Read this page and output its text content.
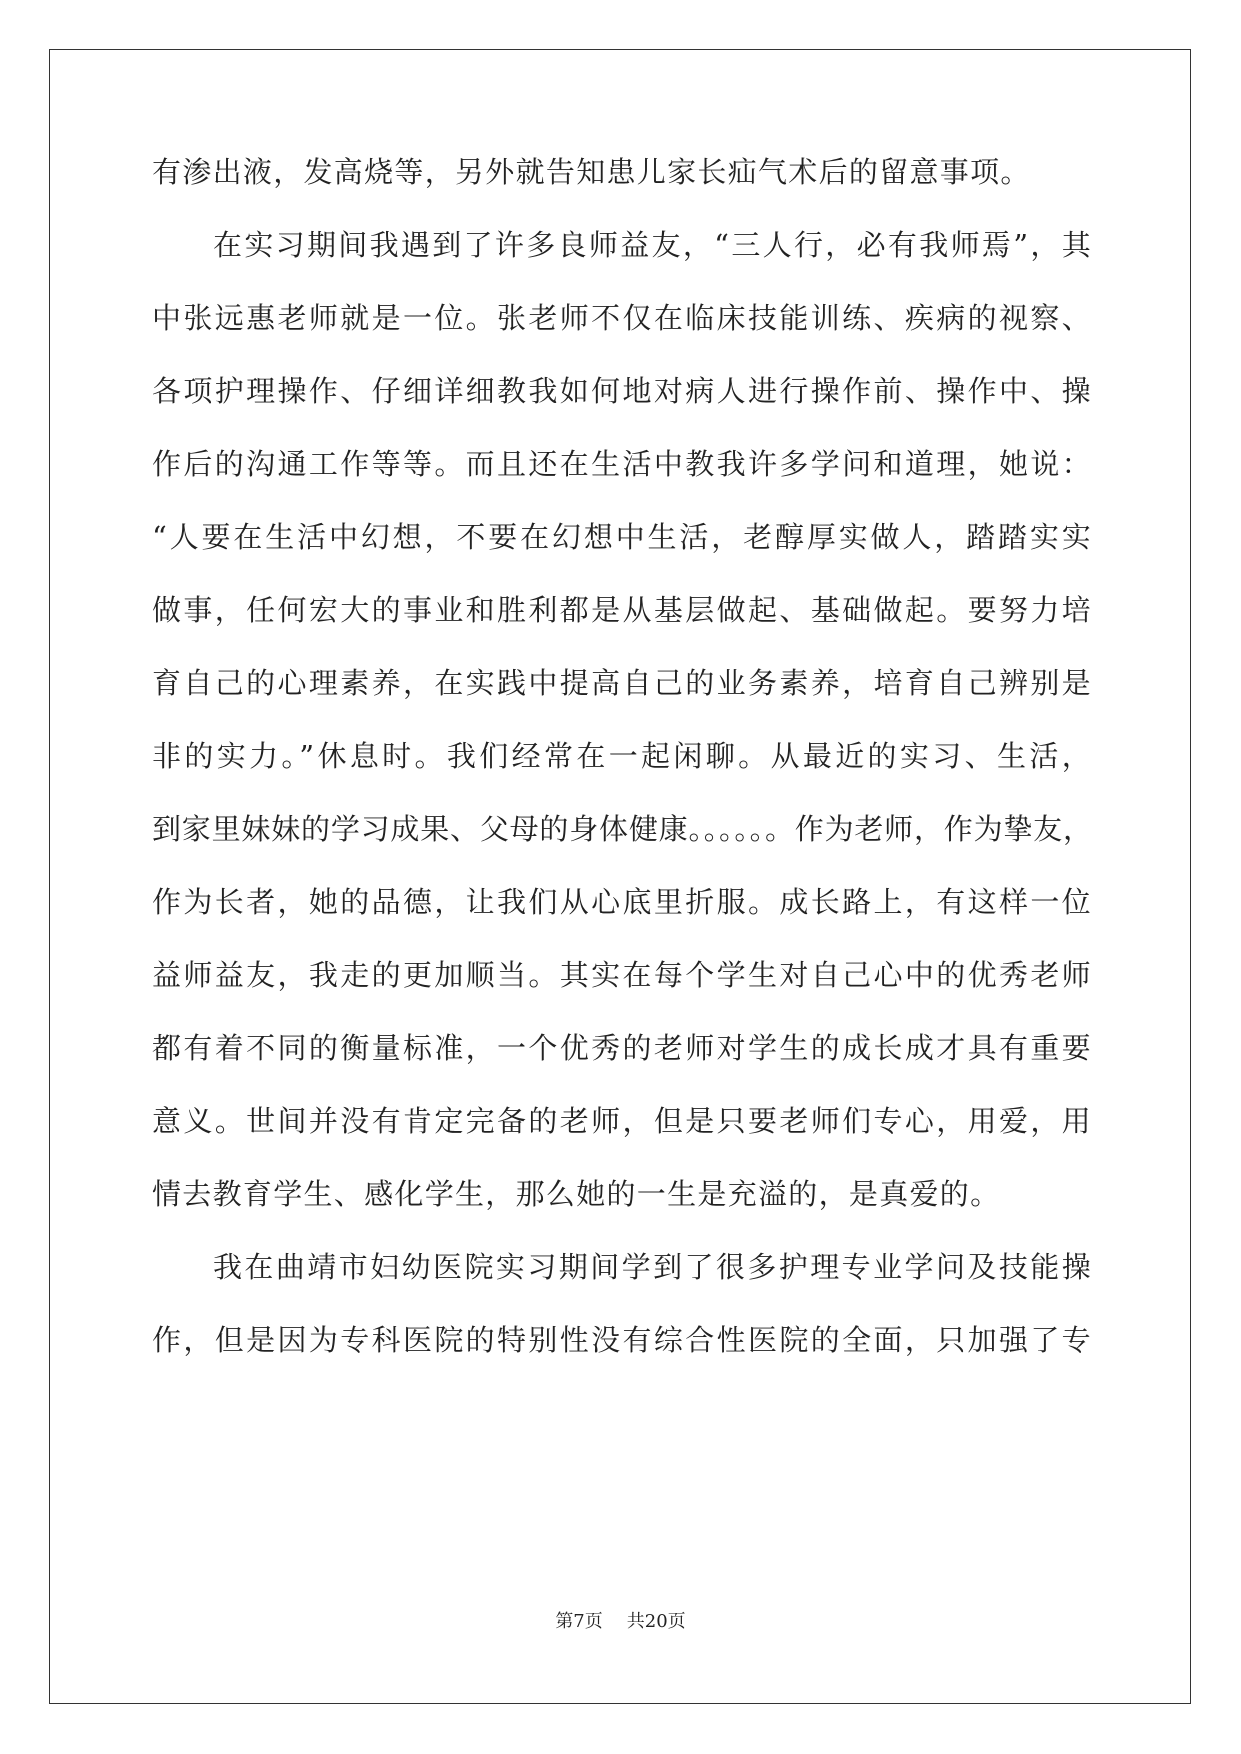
有渗出液，发高烧等，另外就告知患儿家长疝气术后的留意事项。
在实习期间我遇到了许多良师益友，“三人行，必有我师焉”，其
中张远惠老师就是一位。张老师不仅在临床技能训练、疾病的视察、
各项护理操作、仔细详细教我如何地对病人进行操作前、操作中、操
作后的沟通工作等等。而且还在生活中教我许多学问和道理，她说：
“人要在生活中幻想，不要在幻想中生活，老醇厚实做人，踏踏实实
做事，任何宏大的事业和胜利都是从基层做起、基础做起。要努力培
育自己的心理素养，在实践中提高自己的业务素养，培育自己辨别是
非的实力。”休息时。我们经常在一起闲聊。从最近的实习、生活，
到家里妹妹的学习成果、父母的身体健康。。。。。。作为老师，作为挚友，
作为长者，她的品德，让我们从心底里折服。成长路上，有这样一位
益师益友，我走的更加顺当。其实在每个学生对自己心中的优秀老师
都有着不同的衡量标准，一个优秀的老师对学生的成长成才具有重要
意义。世间并没有肯定完备的老师，但是只要老师们专心，用爱，用
情去教育学生、感化学生，那么她的一生是充溢的，是真爱的。
我在曲靖市妇幼医院实习期间学到了很多护理专业学问及技能操
作，但是因为专科医院的特别性没有综合性医院的全面，只加强了专
第7页 共20页
